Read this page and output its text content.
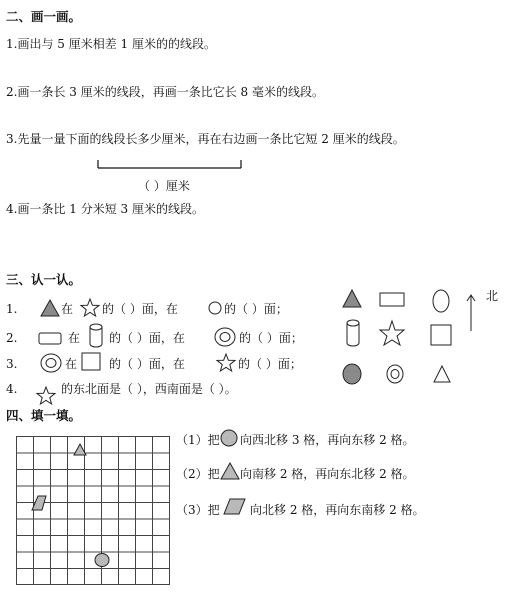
二、画一画。
1.画出与 5 厘米相差 1 厘米的的线段。
2.画一条长 3 厘米的线段，再画一条比它长 8 毫米的线段。
3.先量一量下面的线段长多少厘米，再在右边画一条比它短 2 厘米的线段。
（ ）厘米
4.画一条比 1 分米短 3 厘米的线段。
三、认一认。
1.	在 的（ ）面，在	的（ ）面；
2.	在 的（ ）面，在	的（ ）面；
3.	在	的（ ）面，在	的（ ）面；
4.	的东北面是（ ），西南面是（ ）。
北
四、填一填。
（1）把 向西北移 3 格，再向东移 2 格。
（2）把 向南移 2 格，再向东北移 2 格。
（3）把	向北移 2 格，再向东南移 2 格。
